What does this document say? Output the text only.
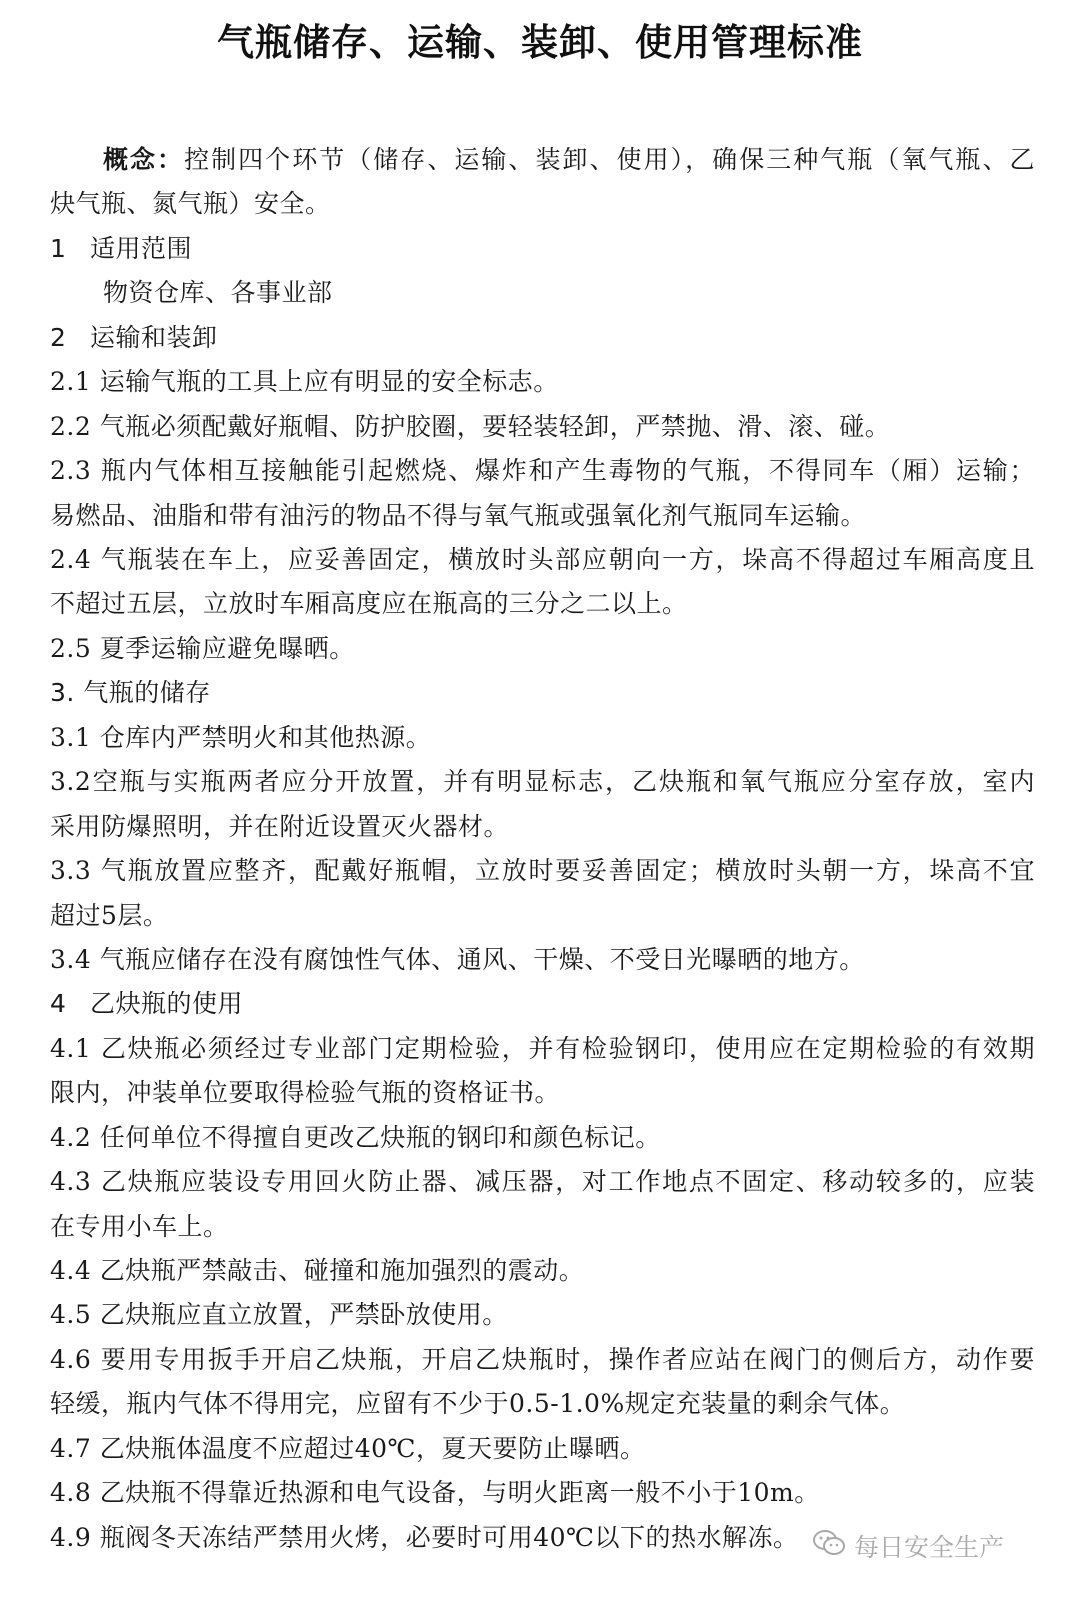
气瓶储存、运输、装卸、使用管理标准
概念：控制四个环节（储存、运输、装卸、使用），确保三种气瓶（氧气瓶、乙
炔气瓶、氮气瓶）安全。
1 适用范围
物资仓库、各事业部
2 运输和装卸
2.1 运输气瓶的工具上应有明显的安全标志。
2.2 气瓶必须配戴好瓶帽、防护胶圈，要轻装轻卸，严禁抛、滑、滚、碰。
2.3 瓶内气体相互接触能引起燃烧、爆炸和产生毒物的气瓶，不得同车（厢）运输；
易燃品、油脂和带有油污的物品不得与氧气瓶或强氧化剂气瓶同车运输。
2.4 气瓶装在车上，应妥善固定，横放时头部应朝向一方，垛高不得超过车厢高度且
不超过五层，立放时车厢高度应在瓶高的三分之二以上。
2.5 夏季运输应避免曝晒。
3. 气瓶的储存
3.1 仓库内严禁明火和其他热源。
3.2空瓶与实瓶两者应分开放置，并有明显标志，乙炔瓶和氧气瓶应分室存放，室内
采用防爆照明，并在附近设置灭火器材。
3.3 气瓶放置应整齐，配戴好瓶帽，立放时要妥善固定；横放时头朝一方，垛高不宜
超过5层。
3.4 气瓶应储存在没有腐蚀性气体、通风、干燥、不受日光曝晒的地方。
4 乙炔瓶的使用
4.1 乙炔瓶必须经过专业部门定期检验，并有检验钢印，使用应在定期检验的有效期
限内，冲装单位要取得检验气瓶的资格证书。
4.2 任何单位不得擅自更改乙炔瓶的钢印和颜色标记。
4.3 乙炔瓶应装设专用回火防止器、减压器，对工作地点不固定、移动较多的，应装
在专用小车上。
4.4 乙炔瓶严禁敲击、碰撞和施加强烈的震动。
4.5 乙炔瓶应直立放置，严禁卧放使用。
4.6 要用专用扳手开启乙炔瓶，开启乙炔瓶时，操作者应站在阀门的侧后方，动作要
轻缓，瓶内气体不得用完，应留有不少于0.5-1.0%规定充装量的剩余气体。
4.7 乙炔瓶体温度不应超过40℃，夏天要防止曝晒。
4.8 乙炔瓶不得靠近热源和电气设备，与明火距离一般不小于10m。
4.9 瓶阀冬天冻结严禁用火烤，必要时可用40℃以下的热水解冻。	每日安全生产
